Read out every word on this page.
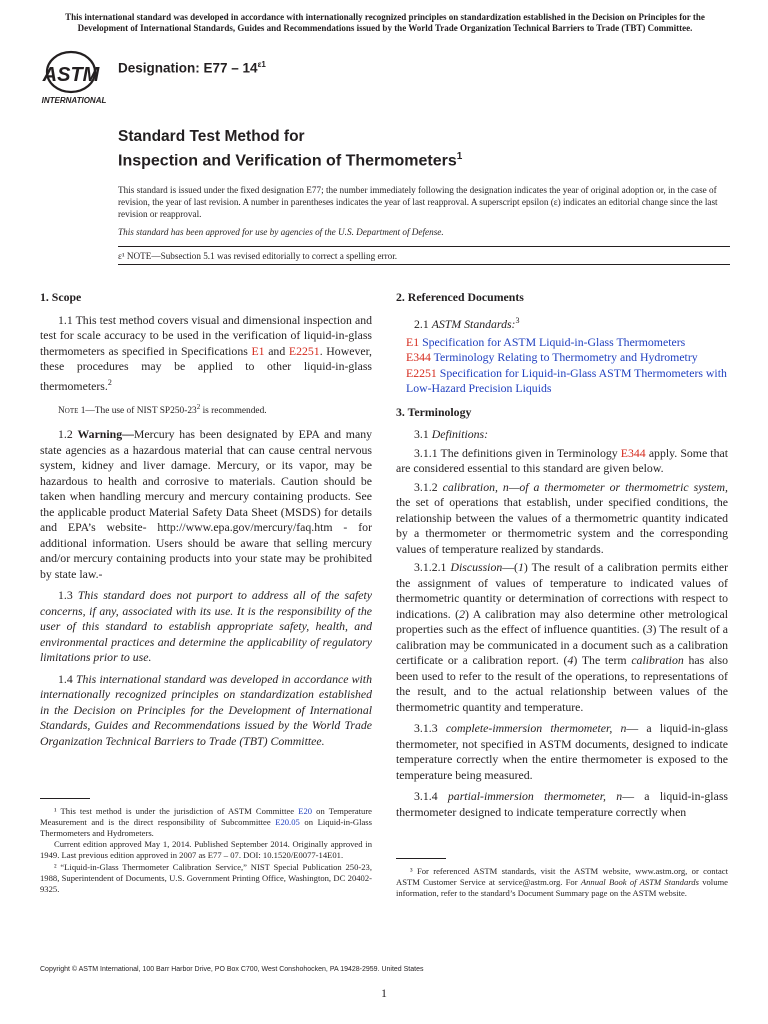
This international standard was developed in accordance with internationally recognized principles on standardization established in the Decision on Principles for the Development of International Standards, Guides and Recommendations issued by the World Trade Organization Technical Barriers to Trade (TBT) Committee.
ASTM
INTERNATIONAL
Designation: $E77 - 14^{\varepsilon 1}$
Standard Test Method for
Inspection and Verification of Thermometers$^1$

This standard is issued under the fixed designation E77; the number immediately following the designation indicates the year of original adoption or, in the case of revision, the year of last revision. A number in parentheses indicates the year of last reapproval. A superscript epsilon (ε) indicates an editorial change since the last revision or reapproval.

This standard has been approved for use by agencies of the U.S. Department of Defense.

ε¹ NOTE—Subsection 5.1 was revised editorially to correct a spelling error.

1. Scope
1.1 This test method covers visual and dimensional inspection and test for scale accuracy to be used in the verification of liquid-in-glass thermometers as specified in Specifications E1 and E2251. However, these procedures may be applied to other liquid-in-glass thermometers.$^2$
Note 1—The use of NIST $SP250-23^2$ is recommended.
1.2 Warning—Mercury has been designated by EPA and many state agencies as a hazardous material that can cause central nervous system, kidney and liver damage. Mercury, or its vapor, may be hazardous to health and corrosive to materials. Caution should be taken when handling mercury and mercury containing products. See the applicable product Material Safety Data Sheet (MSDS) for details and EPA’s website- http://www.epa.gov/mercury/faq.htm - for additional information. Users should be aware that selling mercury and/or mercury containing products into your state may be prohibited by state law.-
1.3 This standard does not purport to address all of the safety concerns, if any, associated with its use. It is the responsibility of the user of this standard to establish appropriate safety, health, and environmental practices and determine the applicability of regulatory limitations prior to use.
1.4 This international standard was developed in accordance with internationally recognized principles on standardization established in the Decision on Principles for the Development of International Standards, Guides and Recommendations issued by the World Trade Organization Technical Barriers to Trade (TBT) Committee.
2. Referenced Documents
2.1 ASTM Standards:$^3$
E1 Specification for ASTM Liquid-in-Glass Thermometers
E344 Terminology Relating to Thermometry and Hydrometry
E2251 Specification for Liquid-in-Glass ASTM Thermometers with Low-Hazard Precision Liquids
3. Terminology
3.1 Definitions:
3.1.1 The definitions given in Terminology E344 apply. Some that are considered essential to this standard are given below.
3.1.2 calibration, n—of a thermometer or thermometric system, the set of operations that establish, under specified conditions, the relationship between the values of a thermometric quantity indicated by a thermometer or thermometric system and the corresponding values of temperature realized by standards.
3.1.2.1 Discussion—(1) The result of a calibration permits either the assignment of values of temperature to indicated values of thermometric quantity or determination of corrections with respect to indications. (2) A calibration may also determine other metrological properties such as the effect of influence quantities. (3) The result of a calibration may be communicated in a document such as a calibration certificate or a calibration report. (4) The term calibration has also been used to refer to the result of the operations, to representations of the result, and to the actual relationship between values of the thermometric quantity and temperature.
3.1.3 complete-immersion thermometer, n— a liquid-in-glass thermometer, not specified in ASTM documents, designed to indicate temperature correctly when the entire thermometer is exposed to the temperature being measured.
3.1.4 partial-immersion thermometer, n— a liquid-in-glass thermometer designed to indicate temperature correctly when

¹ This test method is under the jurisdiction of ASTM Committee E20 on Temperature Measurement and is the direct responsibility of Subcommittee E20.05 on Liquid-in-Glass Thermometers and Hydrometers.

Current edition approved May 1, 2014. Published September 2014. Originally approved in 1949. Last previous edition approved in 2007 as E77 – 07. DOI: 10.1520/E0077-14E01.

² “Liquid-in-Glass Thermometer Calibration Service,” NIST Special Publication 250-23, 1988, Superintendent of Documents, U.S. Government Printing Office, Washington, DC 20402-9325.

³ For referenced ASTM standards, visit the ASTM website, www.astm.org, or contact ASTM Customer Service at service@astm.org. For Annual Book of ASTM Standards volume information, refer to the standard’s Document Summary page on the ASTM website.

Copyright © ASTM International, 100 Barr Harbor Drive, PO Box C700, West Conshohocken, PA 19428-2959. United States
1
